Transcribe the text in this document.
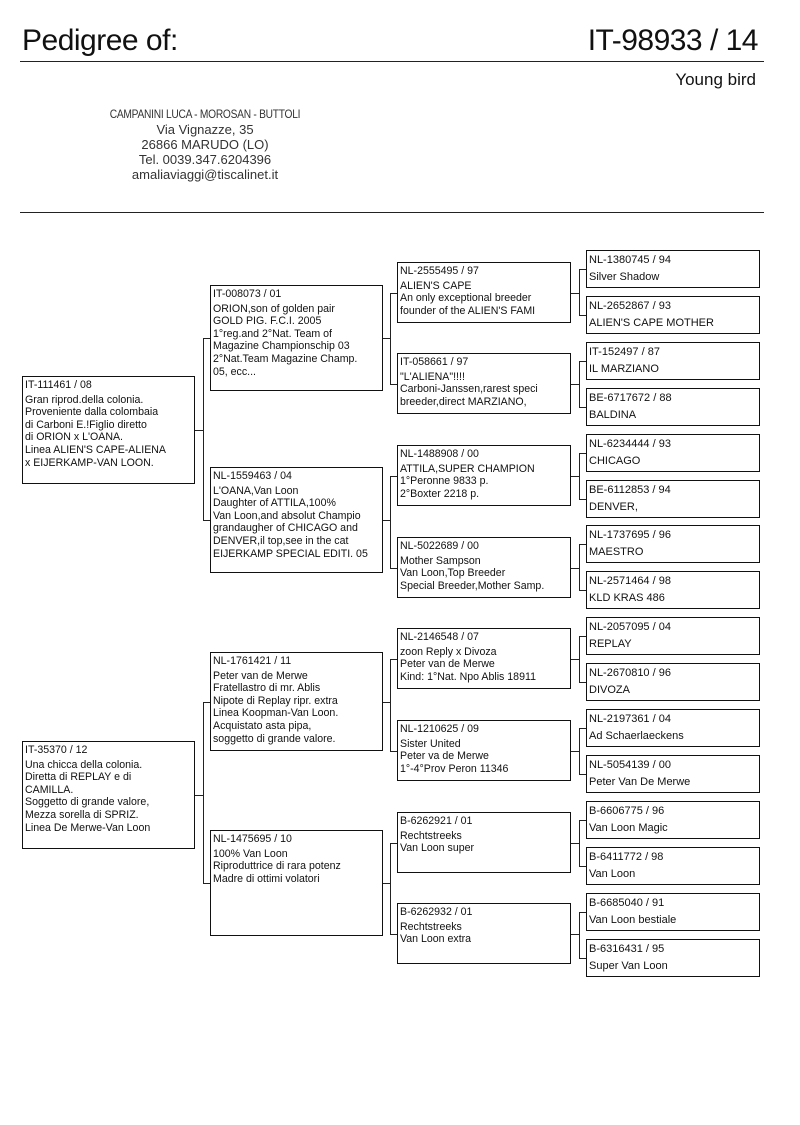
Pedigree of:	IT-98933 / 14
Young bird
CAMPANINI LUCA - MOROSAN - BUTTOLI
Via Vignazze, 35
26866 MARUDO (LO)
Tel. 0039.347.6204396
amaliaviaggi@tiscalinet.it
IT-111461 / 08
Gran riprod.della colonia.
Proveniente dalla colombaia
di Carboni E.!Figlio diretto
di ORION x L'OANA.
Linea ALIEN'S CAPE-ALIENA
x EIJERKAMP-VAN LOON.
IT-35370 / 12
Una chicca della colonia.
Diretta di REPLAY e di
CAMILLA.
Soggetto di grande valore,
Mezza sorella di SPRIZ.
Linea De Merwe-Van Loon
IT-008073 / 01
ORION,son of golden pair
GOLD PIG. F.C.I. 2005
1°reg.and 2°Nat. Team of
Magazine Championschip 03
2°Nat.Team Magazine Champ.
05, ecc...
NL-1559463 / 04
L'OANA,Van Loon
Daughter of ATTILA,100%
Van Loon,and absolut Champio
grandaugher of CHICAGO and
DENVER,il top,see in the cat
EIJERKAMP SPECIAL EDITI. 05
NL-1761421 / 11
Peter van de Merwe
Fratellastro di mr. Ablis
Nipote di Replay ripr. extra
Linea Koopman-Van Loon.
Acquistato asta pipa,
soggetto di grande valore.
NL-1475695 / 10
100% Van Loon
Riproduttrice di rara potenz
Madre di ottimi volatori
NL-2555495 / 97
ALIEN'S CAPE
An only exceptional breeder
founder of the ALIEN'S FAMI
IT-058661 / 97
"L'ALIENA"!!!!
Carboni-Janssen,rarest speci
breeder,direct MARZIANO,
NL-1488908 / 00
ATTILA,SUPER CHAMPION
1°Peronne 9833 p.
2°Boxter 2218 p.
NL-5022689 / 00
Mother Sampson
Van Loon,Top Breeder
Special Breeder,Mother Samp.
NL-2146548 / 07
zoon Reply x Divoza
Peter van de Merwe
Kind: 1°Nat. Npo Ablis 18911
NL-1210625 / 09
Sister United
Peter va de Merwe
1°-4°Prov Peron 11346
B-6262921 / 01
Rechtstreeks
Van Loon super
B-6262932 / 01
Rechtstreeks
Van Loon extra
NL-1380745 / 94
Silver Shadow
NL-2652867 / 93
ALIEN'S CAPE MOTHER
IT-152497 / 87
IL MARZIANO
BE-6717672 / 88
BALDINA
NL-6234444 / 93
CHICAGO
BE-6112853 / 94
DENVER,
NL-1737695 / 96
MAESTRO
NL-2571464 / 98
KLD KRAS 486
NL-2057095 / 04
REPLAY
NL-2670810 / 96
DIVOZA
NL-2197361 / 04
Ad Schaerlaeckens
NL-5054139 / 00
Peter Van De Merwe
B-6606775 / 96
Van Loon Magic
B-6411772 / 98
Van Loon
B-6685040 / 91
Van Loon bestiale
B-6316431 / 95
Super Van Loon
